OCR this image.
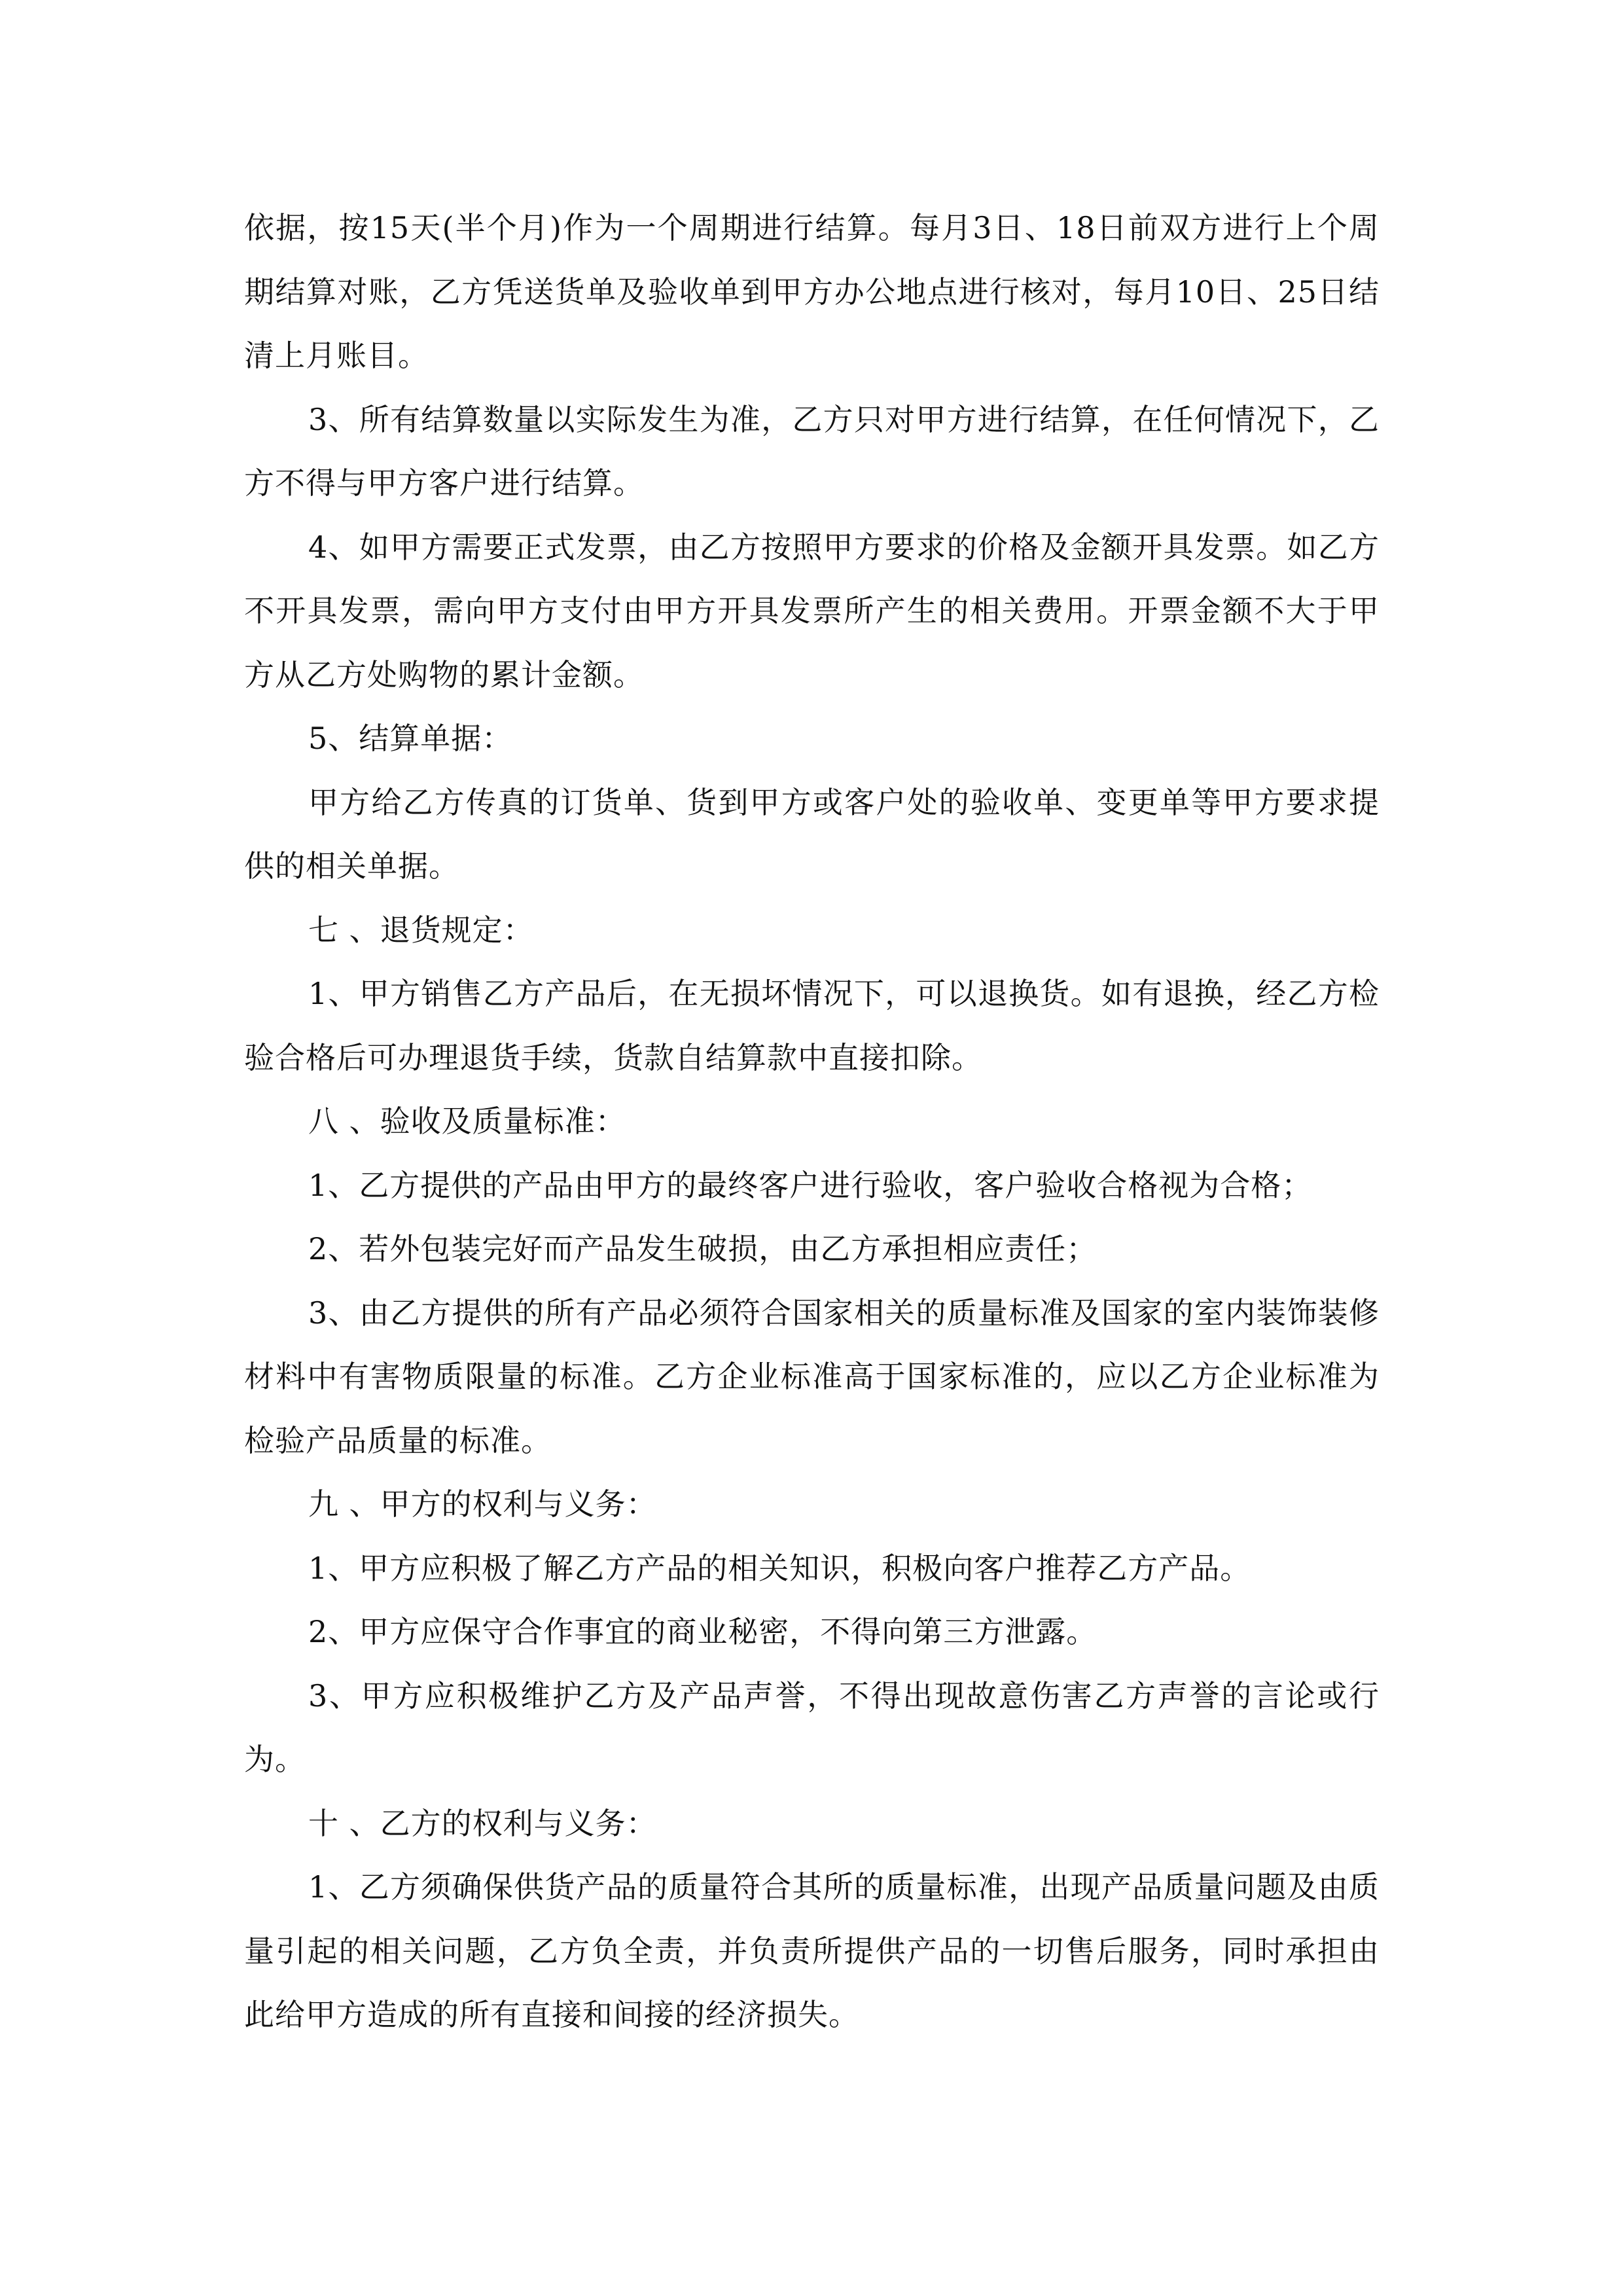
依据，按15天(半个月)作为一个周期进行结算。每月3日、18日前双方进行上个周期结算对账，乙方凭送货单及验收单到甲方办公地点进行核对，每月10日、25日结清上月账目。

3、所有结算数量以实际发生为准，乙方只对甲方进行结算，在任何情况下，乙方不得与甲方客户进行结算。

4、如甲方需要正式发票，由乙方按照甲方要求的价格及金额开具发票。如乙方不开具发票，需向甲方支付由甲方开具发票所产生的相关费用。开票金额不大于甲方从乙方处购物的累计金额。

5、结算单据：

甲方给乙方传真的订货单、货到甲方或客户处的验收单、变更单等甲方要求提供的相关单据。

七 、退货规定：

1、甲方销售乙方产品后，在无损坏情况下，可以退换货。如有退换，经乙方检验合格后可办理退货手续，货款自结算款中直接扣除。

八 、验收及质量标准：

1、乙方提供的产品由甲方的最终客户进行验收，客户验收合格视为合格；

2、若外包装完好而产品发生破损，由乙方承担相应责任；

3、由乙方提供的所有产品必须符合国家相关的质量标准及国家的室内装饰装修材料中有害物质限量的标准。乙方企业标准高于国家标准的，应以乙方企业标准为检验产品质量的标准。

九 、甲方的权利与义务：

1、甲方应积极了解乙方产品的相关知识，积极向客户推荐乙方产品。

2、甲方应保守合作事宜的商业秘密，不得向第三方泄露。

3、甲方应积极维护乙方及产品声誉，不得出现故意伤害乙方声誉的言论或行为。

十 、乙方的权利与义务：

1、乙方须确保供货产品的质量符合其所的质量标准，出现产品质量问题及由质量引起的相关问题，乙方负全责，并负责所提供产品的一切售后服务，同时承担由此给甲方造成的所有直接和间接的经济损失。
